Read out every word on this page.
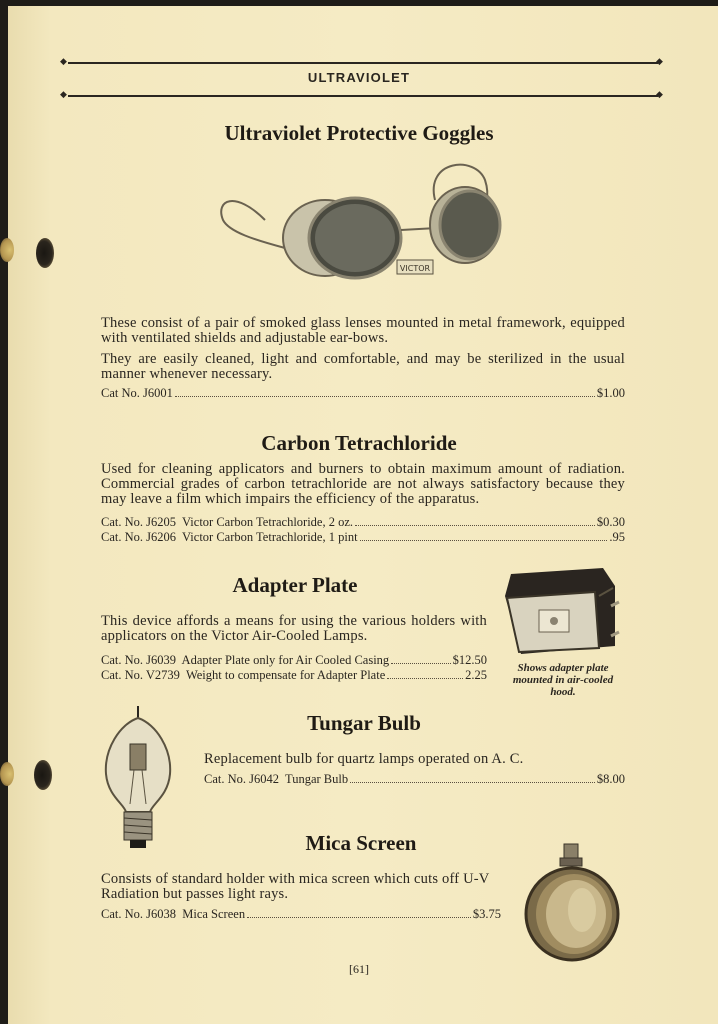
◆	◆
ULTRAVIOLET
◆	◆
Ultraviolet Protective Goggles
VICTOR
These consist of a pair of smoked glass lenses mounted in metal framework, equipped with ventilated shields and adjustable ear-bows.
They are easily cleaned, light and comfortable, and may be sterilized in the usual manner whenever necessary.
Cat No. J6001	$1.00
Carbon Tetrachloride
Used for cleaning applicators and burners to obtain maximum amount of radiation. Commercial grades of carbon tetrachloride are not always satisfactory because they may leave a film which impairs the efficiency of the apparatus.
Cat. No. J6205  Victor Carbon Tetrachloride, 2 oz.	$0.30
Cat. No. J6206  Victor Carbon Tetrachloride, 1 pint	.95
Adapter Plate
This device affords a means for using the various holders with applicators on the Victor Air-Cooled Lamps.
Cat. No. J6039  Adapter Plate only for Air Cooled Casing	$12.50
Cat. No. V2739  Weight to compensate for Adapter Plate	2.25	Shows adapter plate mounted in air-cooled hood.
Tungar Bulb
Replacement bulb for quartz lamps operated on A. C.
Cat. No. J6042  Tungar Bulb	$8.00
Mica Screen
Consists of standard holder with mica screen which cuts off U-V Radiation but passes light rays.
Cat. No. J6038  Mica Screen	$3.75
[61]
